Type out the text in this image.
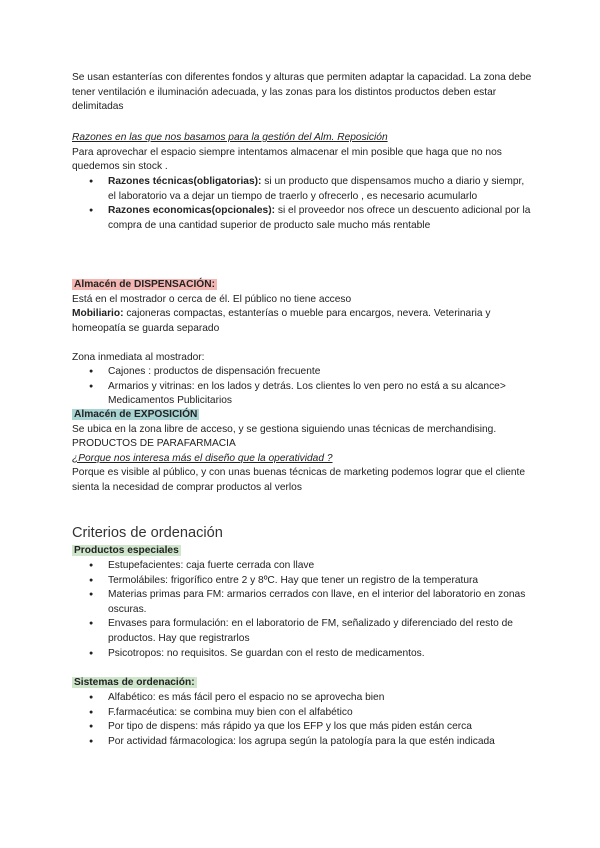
Se usan estanterías con diferentes fondos y alturas que permiten adaptar la capacidad. La zona debe tener ventilación e iluminación adecuada, y las zonas para los distintos productos deben estar delimitadas

Razones en las que nos basamos para la gestión del Alm. Reposición

Para aprovechar el espacio siempre intentamos almacenar el min posible que haga que no nos quedemos sin stock .

● Razones técnicas(obligatorias): si un producto que dispensamos mucho a diario y siempr, el laboratorio va a dejar un tiempo de traerlo y ofrecerlo , es necesario acumularlo
● Razones economicas(opcionales): si el proveedor nos ofrece un descuento adicional por la compra de una cantidad superior de producto sale mucho más rentable

Almacén de DISPENSACIÓN:

Está en el mostrador o cerca de él. El público no tiene acceso

Mobiliario: cajoneras compactas, estanterías o mueble para encargos, nevera. Veterinaria y homeopatía se guarda separado

Zona inmediata al mostrador:

● Cajones : productos de dispensación frecuente
● Armarios y vitrinas: en los lados y detrás. Los clientes lo ven pero no está a su alcance> Medicamentos Publicitarios

Almacén de EXPOSICIÓN

Se ubica en la zona libre de acceso, y se gestiona siguiendo unas técnicas de merchandising.

PRODUCTOS DE PARAFARMACIA

¿Porque nos interesa más el diseño que la operatividad ?

Porque es visible al público, y con unas buenas técnicas de marketing podemos lograr que el cliente sienta la necesidad de comprar productos al verlos

Criterios de ordenación

Productos especiales

● Estupefacientes: caja fuerte cerrada con llave
● Termolábiles: frigorífico entre 2 y 8ºC. Hay que tener un registro de la temperatura
● Materias primas para FM: armarios cerrados con llave, en el interior del laboratorio en zonas oscuras.
● Envases para formulación: en el laboratorio de FM, señalizado y diferenciado del resto de productos. Hay que registrarlos
● Psicotropos: no requisitos. Se guardan con el resto de medicamentos.

Sistemas de ordenación:

● Alfabético: es más fácil pero el espacio no se aprovecha bien
● F.farmacéutica: se combina muy bien con el alfabético
● Por tipo de dispens: más rápido ya que los EFP y los que más piden están cerca
● Por actividad fármacologica: los agrupa según la patología para la que estén indicada
